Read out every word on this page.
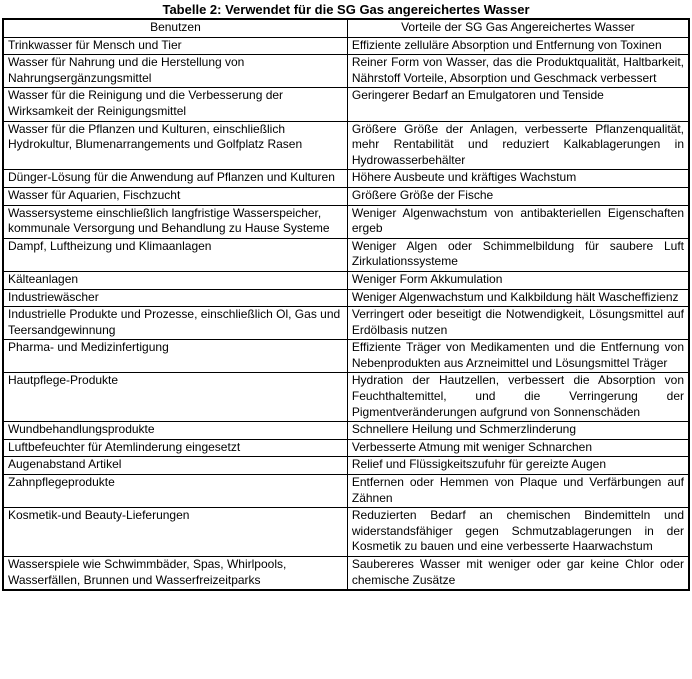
Tabelle 2: Verwendet für die SG Gas angereichertes Wasser
Benutzen	Vorteile der SG Gas Angereichertes Wasser
Trinkwasser für Mensch und Tier	Effiziente zelluläre Absorption und Entfernung von Toxinen
Wasser für Nahrung und die Herstellung von Nahrungsergänzungsmittel	Reiner Form von Wasser, das die Produktqualität, Haltbarkeit, Nährstoff Vorteile, Absorption und Geschmack verbessert
Wasser für die Reinigung und die Verbesserung der Wirksamkeit der Reinigungsmittel	Geringerer Bedarf an Emulgatoren und Tenside
Wasser für die Pflanzen und Kulturen, einschließlich Hydrokultur, Blumenarrangements und Golfplatz Rasen	Größere Größe der Anlagen, verbesserte Pflanzenqualität, mehr Rentabilität und reduziert Kalkablagerungen in Hydrowasserbehälter
Dünger-Lösung für die Anwendung auf Pflanzen und Kulturen	Höhere Ausbeute und kräftiges Wachstum
Wasser für Aquarien, Fischzucht	Größere Größe der Fische
Wassersysteme einschließlich langfristige Wasserspeicher, kommunale Versorgung und Behandlung zu Hause Systeme	Weniger Algenwachstum von antibakteriellen Eigenschaften ergeb
Dampf, Luftheizung und Klimaanlagen	Weniger Algen oder Schimmelbildung für saubere Luft Zirkulationssysteme
Kälteanlagen	Weniger Form Akkumulation
Industriewäscher	Weniger Algenwachstum und Kalkbildung hält Wascheffizienz
Industrielle Produkte und Prozesse, einschließlich Ol, Gas und Teersandgewinnung	Verringert oder beseitigt die Notwendigkeit, Lösungsmittel auf Erdölbasis nutzen
Pharma- und Medizinfertigung	Effiziente Träger von Medikamenten und die Entfernung von Nebenprodukten aus Arzneimittel und Lösungsmittel Träger
Hautpflege-Produkte	Hydration der Hautzellen, verbessert die Absorption von Feuchthaltemittel, und die Verringerung der Pigmentveränderungen aufgrund von Sonnenschäden
Wundbehandlungsprodukte	Schnellere Heilung und Schmerzlinderung
Luftbefeuchter für Atemlinderung eingesetzt	Verbesserte Atmung mit weniger Schnarchen
Augenabstand Artikel	Relief und Flüssigkeitszufuhr für gereizte Augen
Zahnpflegeprodukte	Entfernen oder Hemmen von Plaque und Verfärbungen auf Zähnen
Kosmetik-und Beauty-Lieferungen	Reduzierten Bedarf an chemischen Bindemitteln und widerstandsfähiger gegen Schmutzablagerungen in der Kosmetik zu bauen und eine verbesserte Haarwachstum
Wasserspiele wie Schwimmbäder, Spas, Whirlpools, Wasserfällen, Brunnen und Wasserfreizeitparks	Saubereres Wasser mit weniger oder gar keine Chlor oder chemische Zusätze
